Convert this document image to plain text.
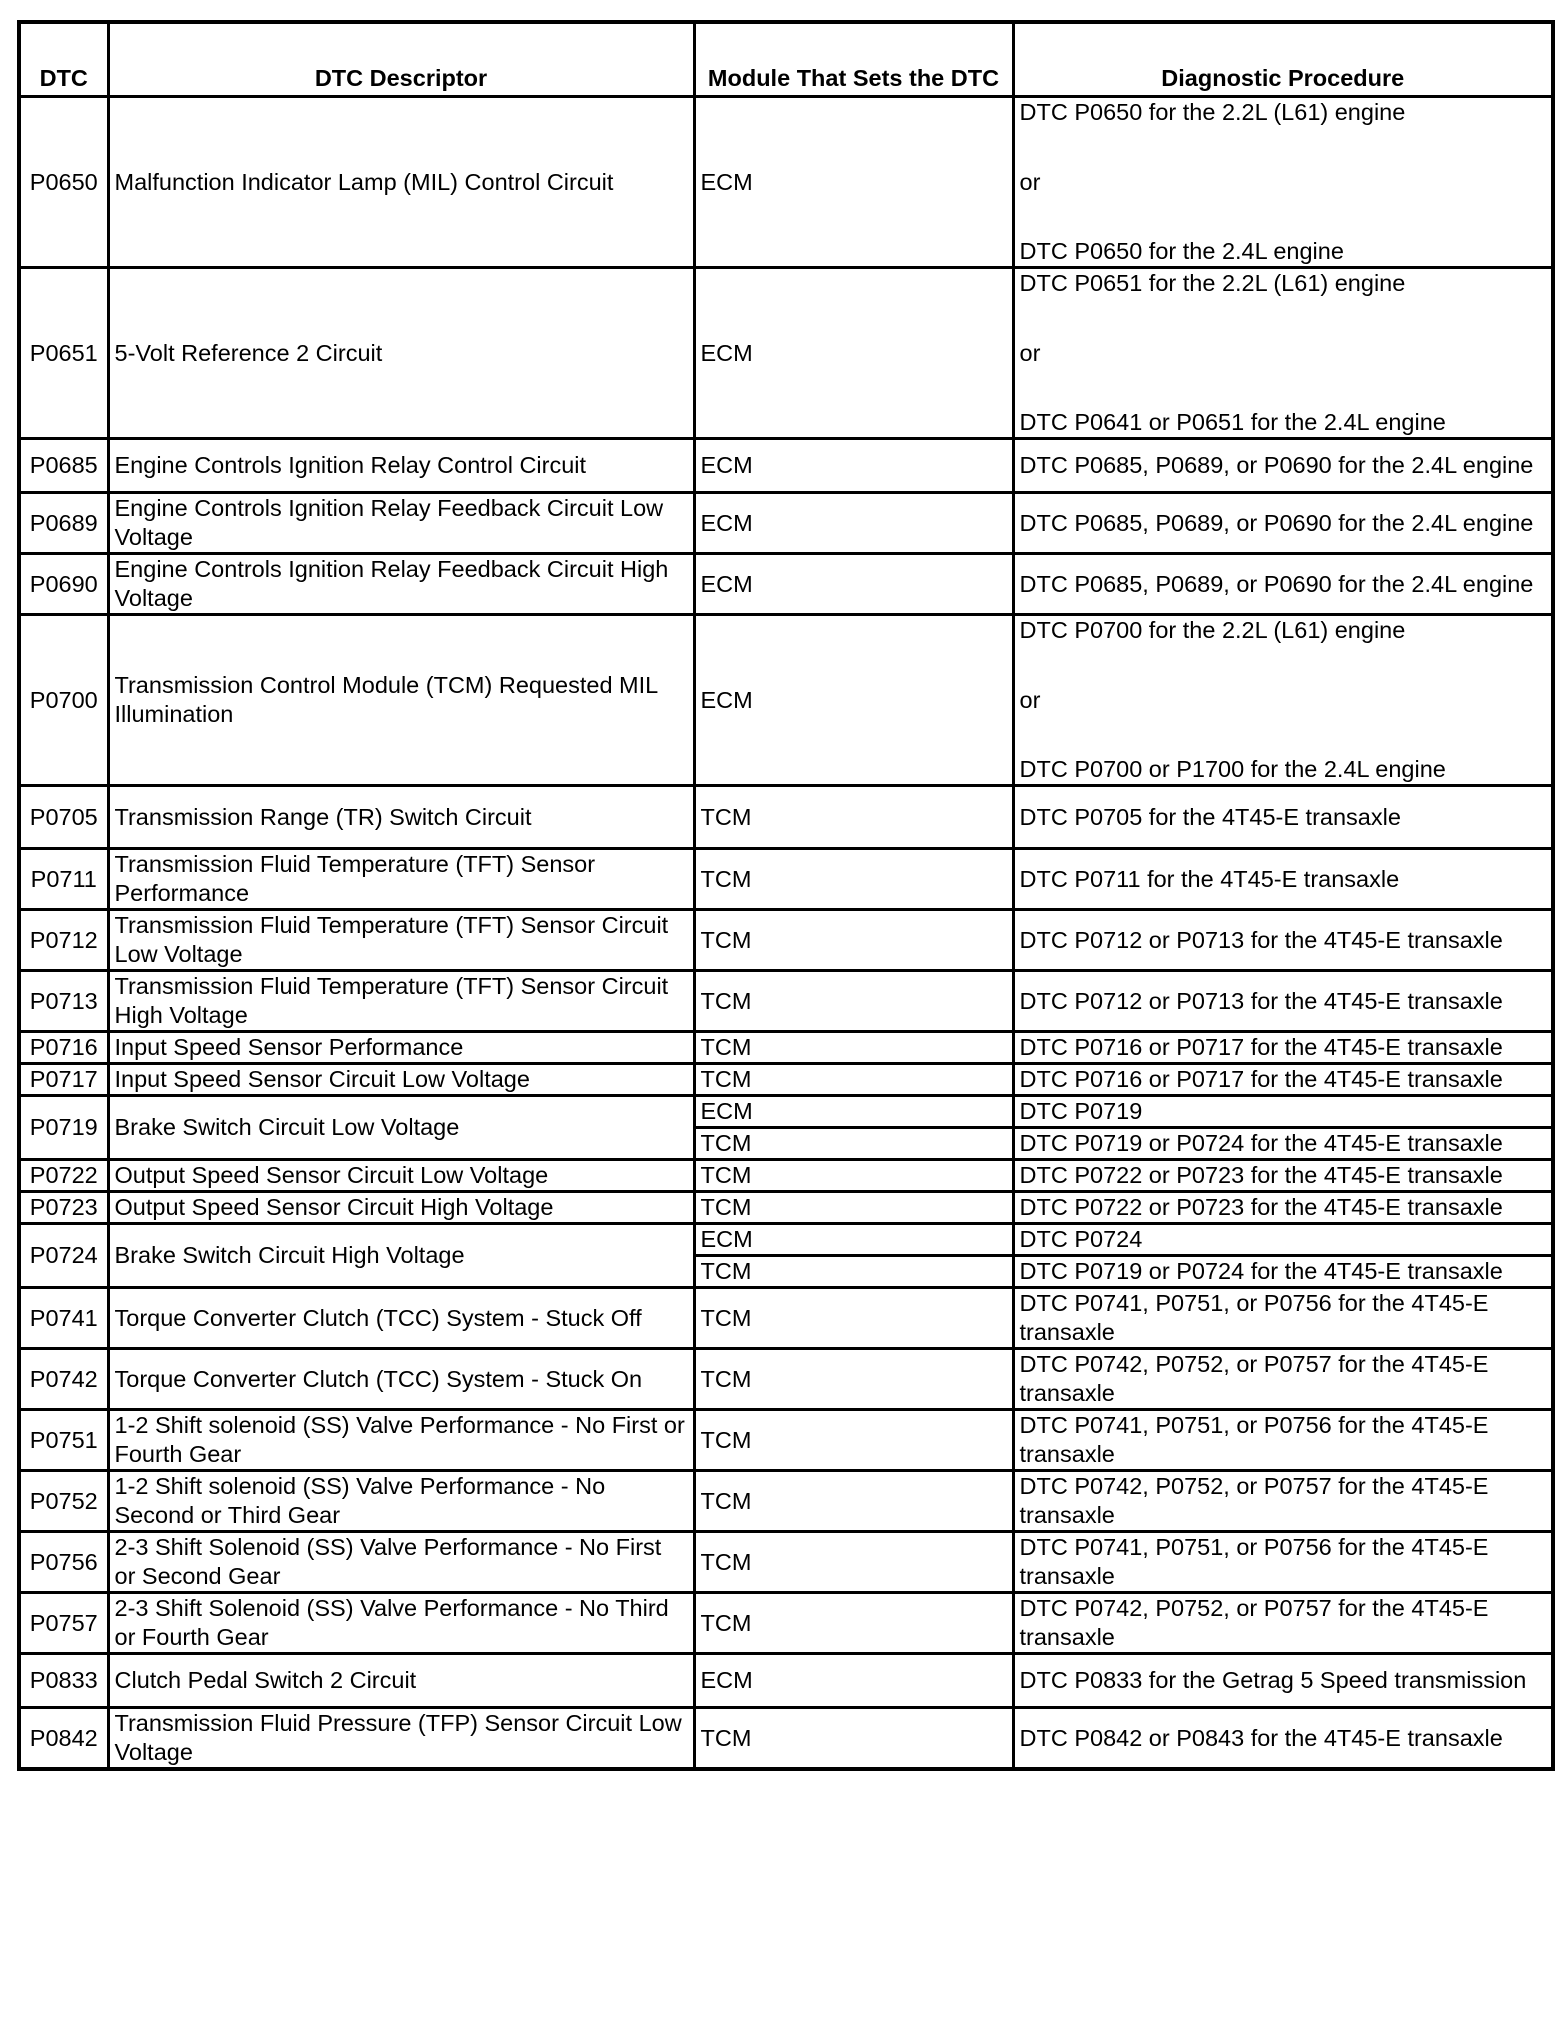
DTC	DTC Descriptor	Module That Sets the DTC	Diagnostic Procedure
P0650	Malfunction Indicator Lamp (MIL) Control Circuit	ECM	DTC P0650 for the 2.2L (L61) engine
or
DTC P0650 for the 2.4L engine

P0651	5-Volt Reference 2 Circuit	ECM	DTC P0651 for the 2.2L (L61) engine
or
DTC P0641 or P0651 for the 2.4L engine

P0685	Engine Controls Ignition Relay Control Circuit	ECM	DTC P0685, P0689, or P0690 for the 2.4L engine
P0689	Engine Controls Ignition Relay Feedback Circuit Low Voltage	ECM	DTC P0685, P0689, or P0690 for the 2.4L engine
P0690	Engine Controls Ignition Relay Feedback Circuit High Voltage	ECM	DTC P0685, P0689, or P0690 for the 2.4L engine
P0700	Transmission Control Module (TCM) Requested MIL Illumination	ECM	DTC P0700 for the 2.2L (L61) engine
or
DTC P0700 or P1700 for the 2.4L engine

P0705	Transmission Range (TR) Switch Circuit	TCM	DTC P0705 for the 4T45-E transaxle
P0711	Transmission Fluid Temperature (TFT) Sensor Performance	TCM	DTC P0711 for the 4T45-E transaxle
P0712	Transmission Fluid Temperature (TFT) Sensor Circuit Low Voltage	TCM	DTC P0712 or P0713 for the 4T45-E transaxle
P0713	Transmission Fluid Temperature (TFT) Sensor Circuit High Voltage	TCM	DTC P0712 or P0713 for the 4T45-E transaxle
P0716	Input Speed Sensor Performance	TCM	DTC P0716 or P0717 for the 4T45-E transaxle
P0717	Input Speed Sensor Circuit Low Voltage	TCM	DTC P0716 or P0717 for the 4T45-E transaxle
P0719	Brake Switch Circuit Low Voltage	ECM	DTC P0719
		TCM	DTC P0719 or P0724 for the 4T45-E transaxle
P0722	Output Speed Sensor Circuit Low Voltage	TCM	DTC P0722 or P0723 for the 4T45-E transaxle
P0723	Output Speed Sensor Circuit High Voltage	TCM	DTC P0722 or P0723 for the 4T45-E transaxle
P0724	Brake Switch Circuit High Voltage	ECM	DTC P0724
		TCM	DTC P0719 or P0724 for the 4T45-E transaxle
P0741	Torque Converter Clutch (TCC) System - Stuck Off	TCM	DTC P0741, P0751, or P0756 for the 4T45-E transaxle
P0742	Torque Converter Clutch (TCC) System - Stuck On	TCM	DTC P0742, P0752, or P0757 for the 4T45-E transaxle
P0751	1-2 Shift solenoid (SS) Valve Performance - No First or Fourth Gear	TCM	DTC P0741, P0751, or P0756 for the 4T45-E transaxle
P0752	1-2 Shift solenoid (SS) Valve Performance - No Second or Third Gear	TCM	DTC P0742, P0752, or P0757 for the 4T45-E transaxle
P0756	2-3 Shift Solenoid (SS) Valve Performance - No First or Second Gear	TCM	DTC P0741, P0751, or P0756 for the 4T45-E transaxle
P0757	2-3 Shift Solenoid (SS) Valve Performance - No Third or Fourth Gear	TCM	DTC P0742, P0752, or P0757 for the 4T45-E transaxle
P0833	Clutch Pedal Switch 2 Circuit	ECM	DTC P0833 for the Getrag 5 Speed transmission
P0842	Transmission Fluid Pressure (TFP) Sensor Circuit Low Voltage	TCM	DTC P0842 or P0843 for the 4T45-E transaxle
